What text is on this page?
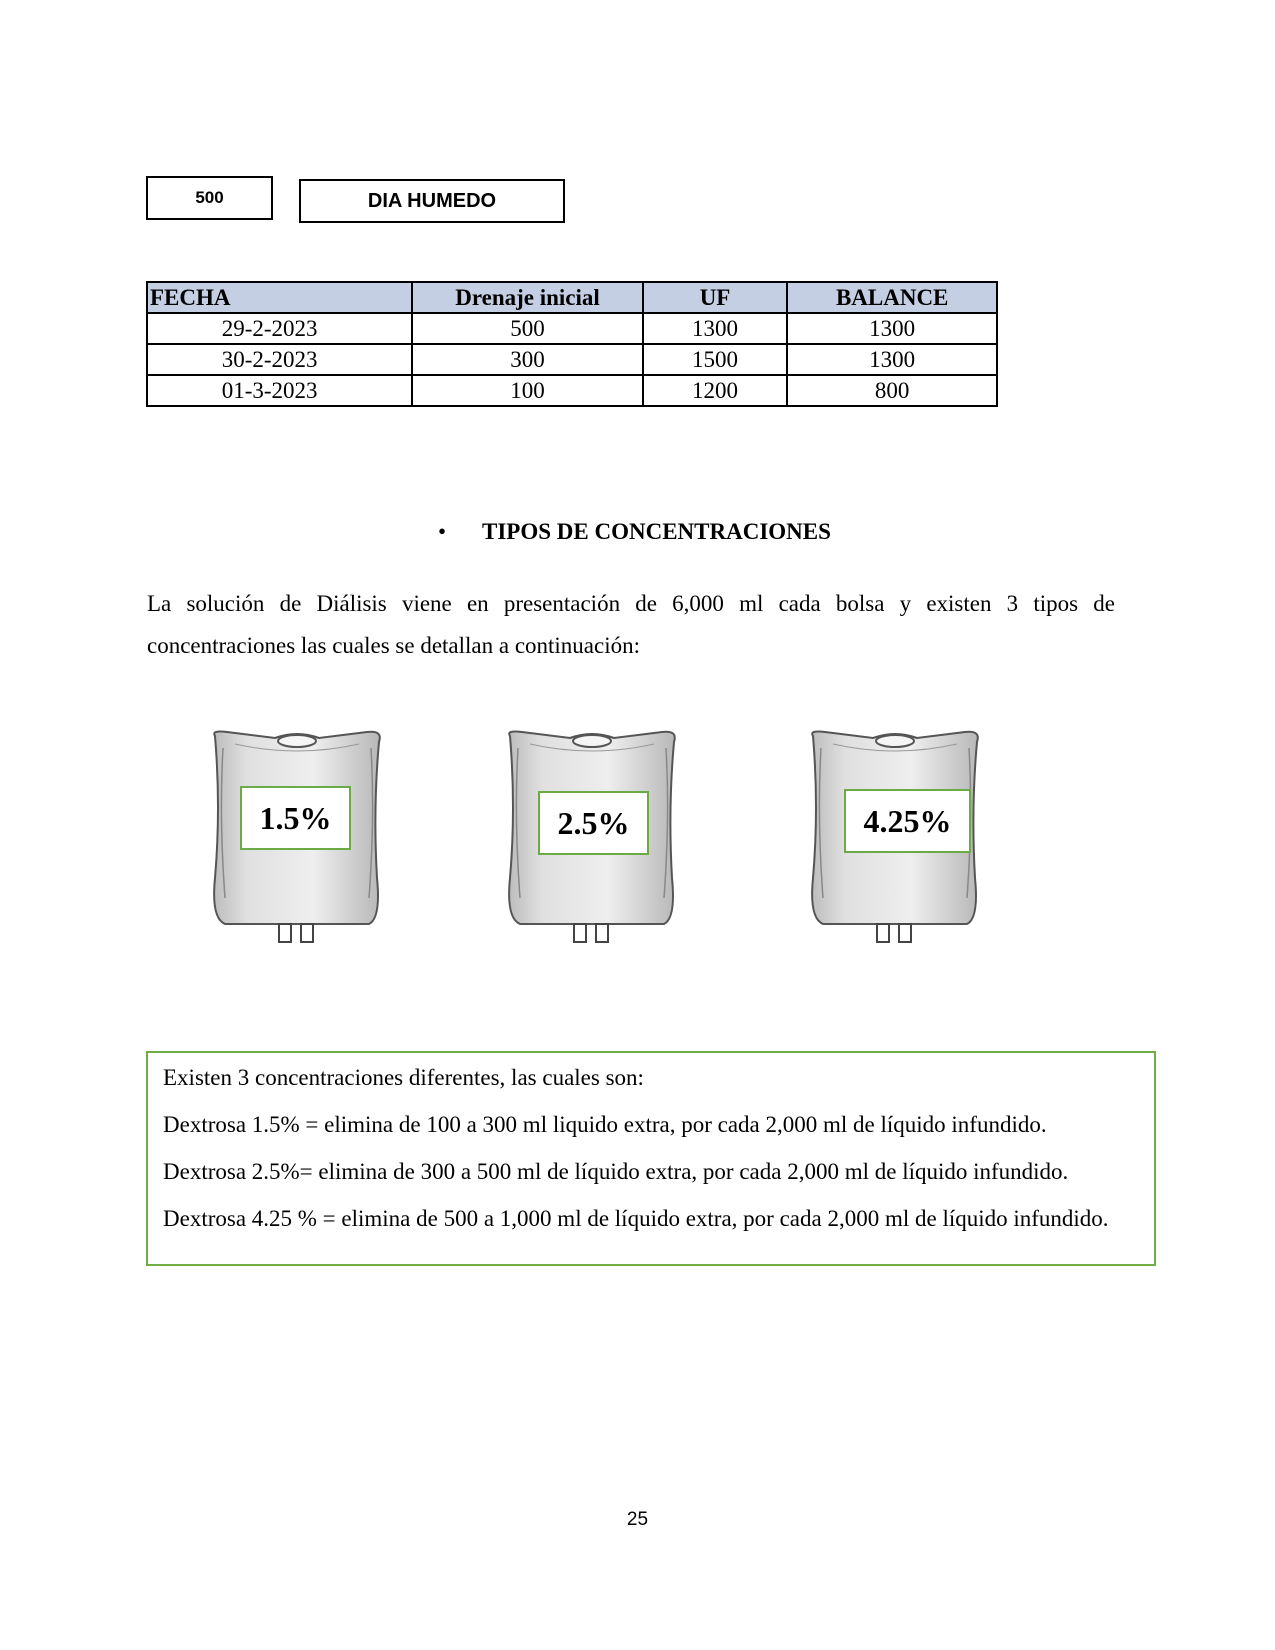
500	DIA HUMEDO
FECHA	Drenaje inicial	UF	BALANCE
29-2-2023	500	1300	1300
30-2-2023	300	1500	1300
01-3-2023	100	1200	800
• TIPOS DE CONCENTRACIONES
La solución de Diálisis viene en presentación de 6,000 ml cada bolsa y existen 3 tipos de concentraciones las cuales se detallan a continuación:
1.5%	2.5%	4.25%

Existen 3 concentraciones diferentes, las cuales son:

Dextrosa 1.5% = elimina de 100 a 300 ml liquido extra, por cada 2,000 ml de líquido infundido.

Dextrosa 2.5%= elimina de 300 a 500 ml de líquido extra, por cada 2,000 ml de líquido infundido.

Dextrosa 4.25 % = elimina de 500 a 1,000 ml de líquido extra, por cada 2,000 ml de líquido infundido.

25
